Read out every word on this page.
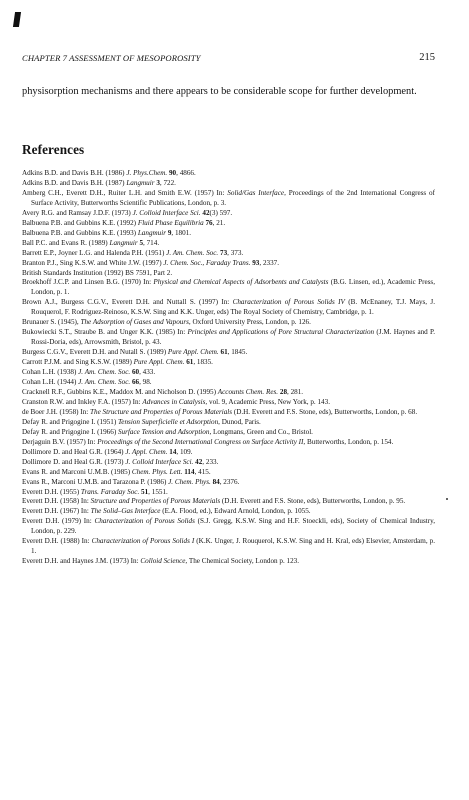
CHAPTER 7 ASSESSMENT OF MESOPOROSITY	215

physisorption mechanisms and there appears to be considerable scope for further development.

References
Adkins B.D. and Davis B.H. (1986) J. Phys.Chem. 90, 4866.
Adkins B.D. and Davis B.H. (1987) Langmuir 3, 722.
Amberg C.H., Everett D.H., Ruiter L.H. and Smith E.W. (1957) In: Solid/Gas Interface, Proceedings of the 2nd International Congress of Surface Activity, Butterworths Scientific Publications, London, p. 3.
Avery R.G. and Ramsay J.D.F. (1973) J. Colloid Interface Sci. 42(3) 597.
Balbuena P.B. and Gubbins K.E. (1992) Fluid Phase Equilibria 76, 21.
Balbuena P.B. and Gubbins K.E. (1993) Langmuir 9, 1801.
Ball P.C. and Evans R. (1989) Langmuir 5, 714.
Barrett E.P., Joyner L.G. and Halenda P.H. (1951) J. Am. Chem. Soc. 73, 373.
Branton P.J., Sing K.S.W. and White J.W. (1997) J. Chem. Soc., Faraday Trans. 93, 2337.
British Standards Institution (1992) BS 7591, Part 2.
Broekhoff J.C.P. and Linsen B.G. (1970) In: Physical and Chemical Aspects of Adsorbents and Catalysts (B.G. Linsen, ed.), Academic Press, London, p. 1.
Brown A.J., Burgess C.G.V., Everett D.H. and Nuttall S. (1997) In: Characterization of Porous Solids IV (B. McEnaney, T.J. Mays, J. Rouquerol, F. Rodriguez-Reinoso, K.S.W. Sing and K.K. Unger, eds) The Royal Society of Chemistry, Cambridge, p. 1.
Brunauer S. (1945), The Adsorption of Gases and Vapours, Oxford University Press, London, p. 126.
Bukowiecki S.T., Straube B. and Unger K.K. (1985) In: Principles and Applications of Pore Structural Characterization (J.M. Haynes and P. Rossi-Doria, eds), Arrowsmith, Bristol, p. 43.
Burgess C.G.V., Everett D.H. and Nutall S. (1989) Pure Appl. Chem. 61, 1845.
Carrott P.J.M. and Sing K.S.W. (1989) Pure Appl. Chem. 61, 1835.
Cohan L.H. (1938) J. Am. Chem. Soc. 60, 433.
Cohan L.H. (1944) J. Am. Chem. Soc. 66, 98.
Cracknell R.F., Gubbins K.E., Maddox M. and Nicholson D. (1995) Accounts Chem. Res. 28, 281.
Cranston R.W. and Inkley F.A. (1957) In: Advances in Catalysis, vol. 9, Academic Press, New York, p. 143.
de Boer J.H. (1958) In: The Structure and Properties of Porous Materials (D.H. Everett and F.S. Stone, eds), Butterworths, London, p. 68.
Defay R. and Prigogine I. (1951) Tension Superficielle et Adsorption, Dunod, Paris.
Defay R. and Prigogine I. (1966) Surface Tension and Adsorption, Longmans, Green and Co., Bristol.
Derjaguin B.V. (1957) In: Proceedings of the Second International Congress on Surface Activity II, Butterworths, London, p. 154.
Dollimore D. and Heal G.R. (1964) J. Appl. Chem. 14, 109.
Dollimore D. and Heal G.R. (1973) J. Colloid Interface Sci. 42, 233.
Evans R. and Marconi U.M.B. (1985) Chem. Phys. Lett. 114, 415.
Evans R., Marconi U.M.B. and Tarazona P. (1986) J. Chem. Phys. 84, 2376.
Everett D.H. (1955) Trans. Faraday Soc. 51, 1551.
Everett D.H. (1958) In: Structure and Properties of Porous Materials (D.H. Everett and F.S. Stone, eds), Butterworths, London, p. 95.
Everett D.H. (1967) In: The Solid–Gas Interface (E.A. Flood, ed.), Edward Arnold, London, p. 1055.
Everett D.H. (1979) In: Characterization of Porous Solids (S.J. Gregg, K.S.W. Sing and H.F. Stoeckli, eds), Society of Chemical Industry, London, p. 229.
Everett D.H. (1988) In: Characterization of Porous Solids I (K.K. Unger, J. Rouquerol, K.S.W. Sing and H. Kral, eds) Elsevier, Amsterdam, p. 1.
Everett D.H. and Haynes J.M. (1973) In: Colloid Science, The Chemical Society, London p. 123.
